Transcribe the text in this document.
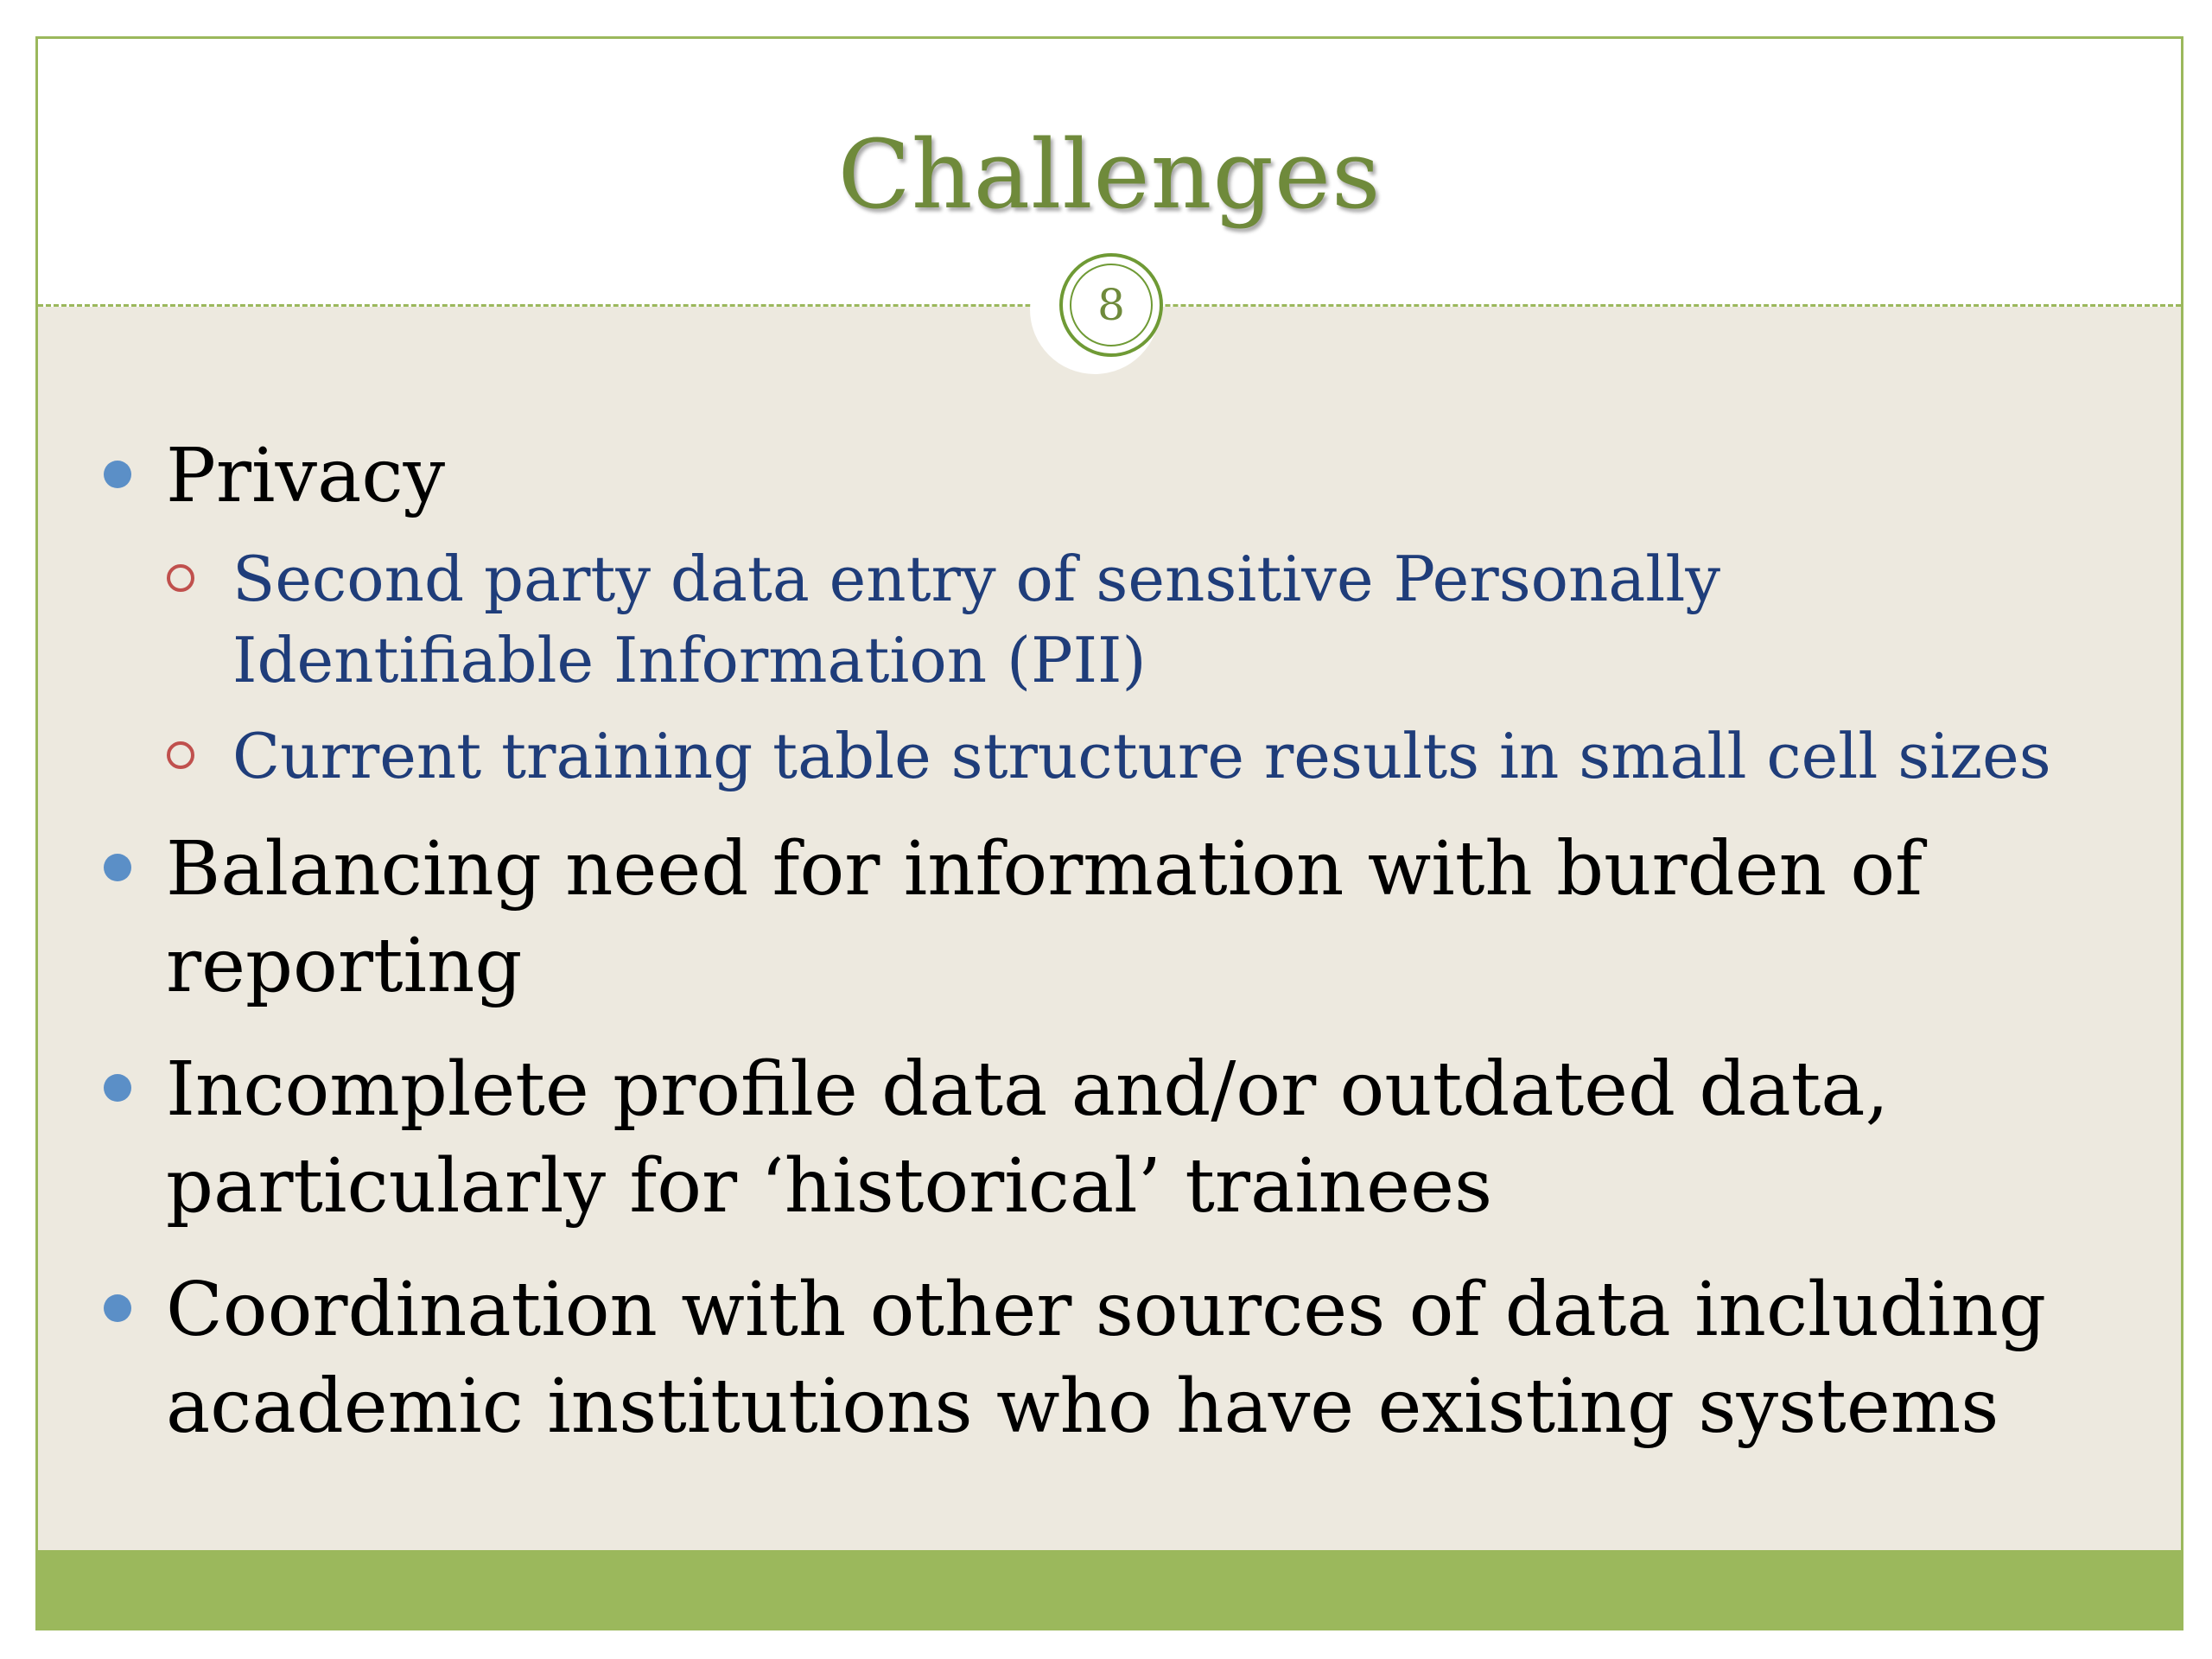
Challenges
8
Privacy
Second party data entry of sensitive Personally Identifiable Information (PII)
Current training table structure results in small cell sizes
Balancing need for information with burden of reporting
Incomplete profile data and/or outdated data, particularly for ‘historical’ trainees
Coordination with other sources of data including academic institutions who have existing systems
